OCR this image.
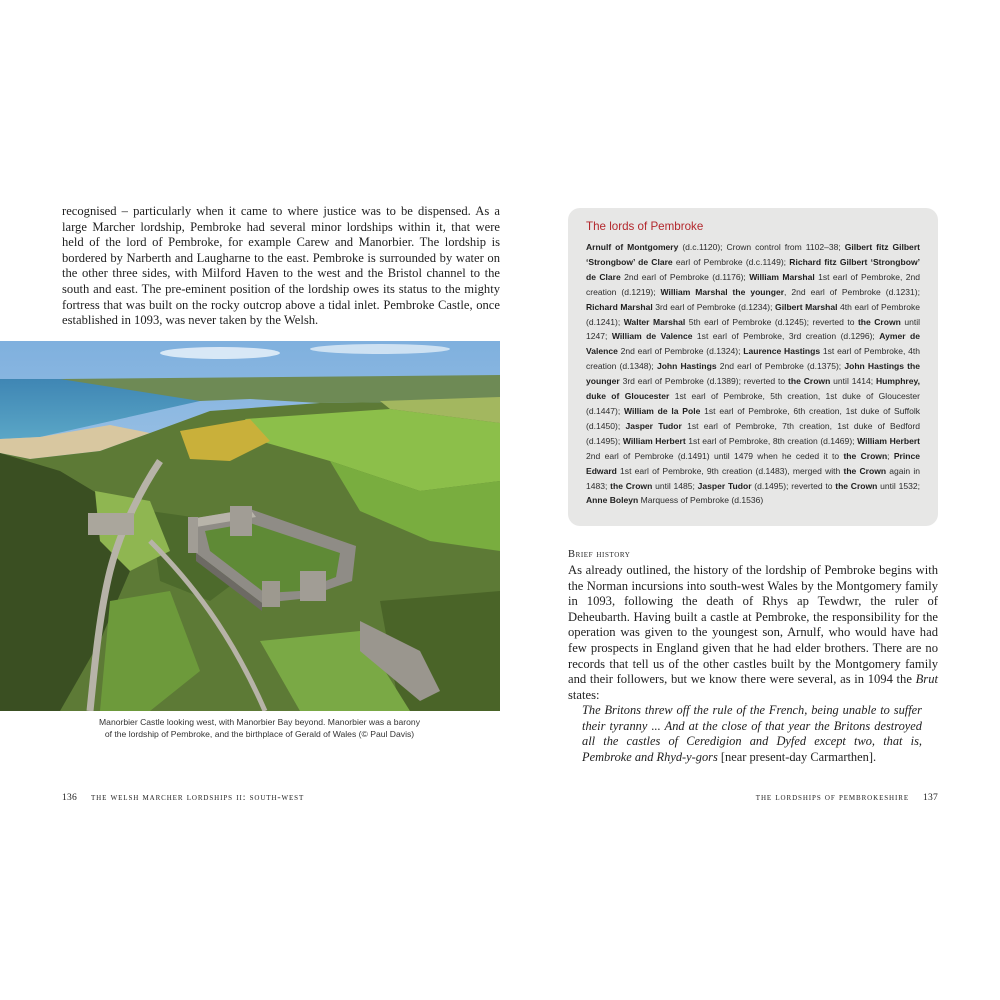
recognised – particularly when it came to where justice was to be dispensed. As a large Marcher lordship, Pembroke had several minor lordships within it, that were held of the lord of Pembroke, for example Carew and Manorbier. The lordship is bordered by Narberth and Laugharne to the east. Pembroke is surrounded by water on the other three sides, with Milford Haven to the west and the Bristol channel to the south and east. The pre-eminent position of the lordship owes its status to the mighty fortress that was built on the rocky outcrop above a tidal inlet. Pembroke Castle, once established in 1093, was never taken by the Welsh.
Manorbier Castle looking west, with Manorbier Bay beyond. Manorbier was a barony
of the lordship of Pembroke, and the birthplace of Gerald of Wales (© Paul Davis)
136 the welsh marcher lordships ii: south-west
The lords of Pembroke
Arnulf of Montgomery (d.c.1120); Crown control from 1102–38; Gilbert fitz Gilbert ‘Strongbow’ de Clare earl of Pembroke (d.c.1149); Richard fitz Gilbert ‘Strongbow’ de Clare 2nd earl of Pembroke (d.1176); William Marshal 1st earl of Pembroke, 2nd creation (d.1219); William Marshal the younger, 2nd earl of Pembroke (d.1231); Richard Marshal 3rd earl of Pembroke (d.1234); Gilbert Marshal 4th earl of Pembroke (d.1241); Walter Marshal 5th earl of Pembroke (d.1245); reverted to the Crown until 1247; William de Valence 1st earl of Pembroke, 3rd creation (d.1296); Aymer de Valence 2nd earl of Pembroke (d.1324); Laurence Hastings 1st earl of Pembroke, 4th creation (d.1348); John Hastings 2nd earl of Pembroke (d.1375); John Hastings the younger 3rd earl of Pembroke (d.1389); reverted to the Crown until 1414; Humphrey, duke of Gloucester 1st earl of Pembroke, 5th creation, 1st duke of Gloucester (d.1447); William de la Pole 1st earl of Pembroke, 6th creation, 1st duke of Suffolk (d.1450); Jasper Tudor 1st earl of Pembroke, 7th creation, 1st duke of Bedford (d.1495); William Herbert 1st earl of Pembroke, 8th creation (d.1469); William Herbert 2nd earl of Pembroke (d.1491) until 1479 when he ceded it to the Crown; Prince Edward 1st earl of Pembroke, 9th creation (d.1483), merged with the Crown again in 1483; the Crown until 1485; Jasper Tudor (d.1495); reverted to the Crown until 1532; Anne Boleyn Marquess of Pembroke (d.1536)
Brief history
As already outlined, the history of the lordship of Pembroke begins with the Norman incursions into south-west Wales by the Montgomery family in 1093, following the death of Rhys ap Tewdwr, the ruler of Deheubarth. Having built a castle at Pembroke, the responsibility for the operation was given to the youngest son, Arnulf, who would have had few prospects in England given that he had elder brothers. There are no records that tell us of the other castles built by the Montgomery family and their followers, but we know there were several, as in 1094 the Brut states:
The Britons threw off the rule of the French, being unable to suffer their tyranny ... And at the close of that year the Britons destroyed all the castles of Ceredigion and Dyfed except two, that is, Pembroke and Rhyd-y-gors [near present-day Carmarthen].
the lordships of pembrokeshire 137
